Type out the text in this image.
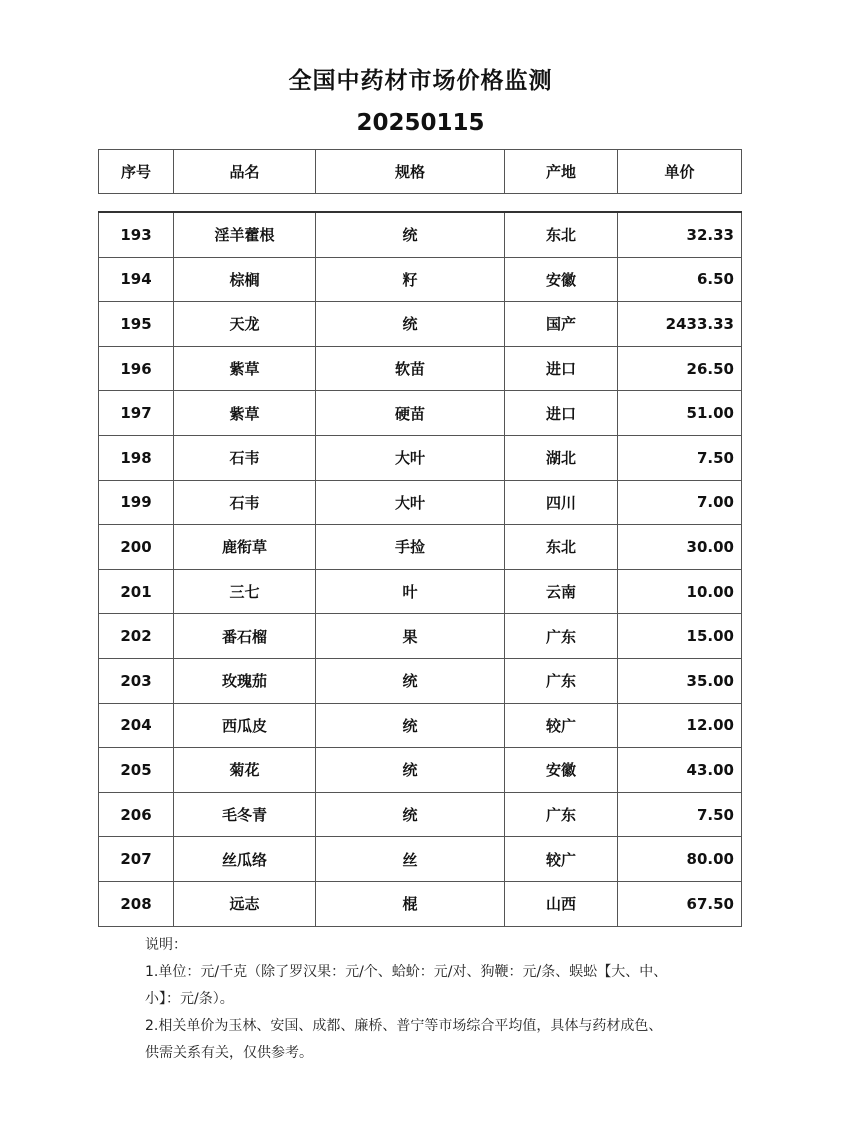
全国中药材市场价格监测
20250115
序号	品名	规格	产地	单价
193	淫羊藿根	统	东北	32.33
194	棕榈	籽	安徽	6.50
195	天龙	统	国产	2433.33
196	紫草	软苗	进口	26.50
197	紫草	硬苗	进口	51.00
198	石韦	大叶	湖北	7.50
199	石韦	大叶	四川	7.00
200	鹿衔草	手捡	东北	30.00
201	三七	叶	云南	10.00
202	番石榴	果	广东	15.00
203	玫瑰茄	统	广东	35.00
204	西瓜皮	统	较广	12.00
205	菊花	统	安徽	43.00
206	毛冬青	统	广东	7.50
207	丝瓜络	丝	较广	80.00
208	远志	棍	山西	67.50
说明：
1.单位：元/千克（除了罗汉果：元/个、蛤蚧：元/对、狗鞭：元/条、蜈蚣【大、中、
小】：元/条）。
2.相关单价为玉林、安国、成都、廉桥、普宁等市场综合平均值，具体与药材成色、
供需关系有关，仅供参考。
